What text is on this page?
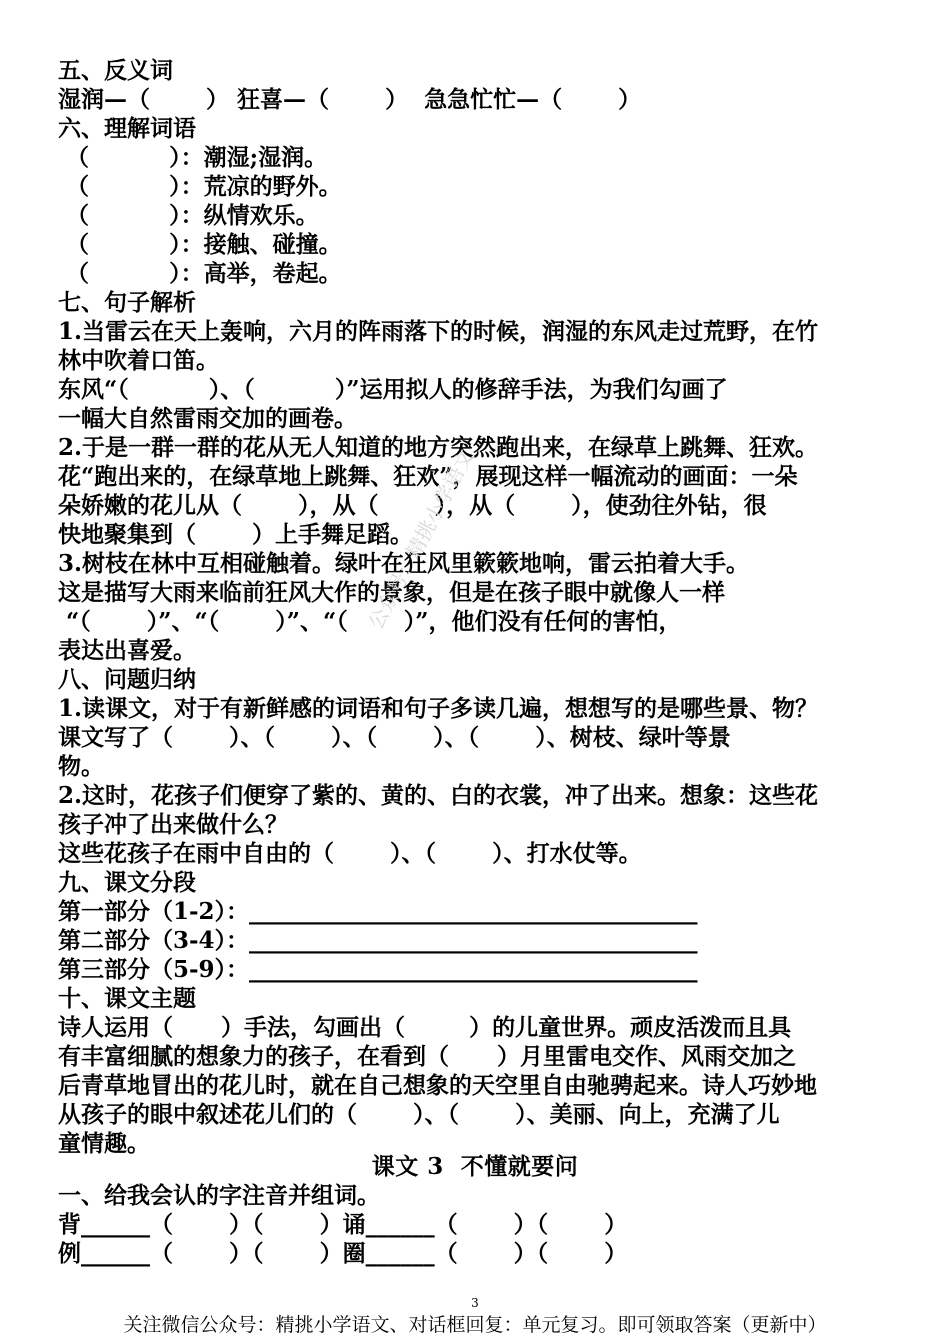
五、反义词
湿润—（       ） 狂喜—（       ）  急急忙忙—（       ）
六、理解词语
（          ）：潮湿;湿润。
（          ）：荒凉的野外。
（          ）：纵情欢乐。
（          ）：接触、碰撞。
（          ）：高举，卷起。
七、句子解析
1.当雷云在天上轰响，六月的阵雨落下的时候，润湿的东风走过荒野，在竹
林中吹着口笛。
东风“（          ）、（          ）”运用拟人的修辞手法，为我们勾画了
一幅大自然雷雨交加的画卷。
2.于是一群一群的花从无人知道的地方突然跑出来，在绿草上跳舞、狂欢。
花“跑出来的，在绿草地上跳舞、狂欢”，展现这样一幅流动的画面：一朵
朵娇嫩的花儿从（       ），从（       ），从（       ），使劲往外钻，很
快地聚集到（       ）上手舞足蹈。
3.树枝在林中互相碰触着。绿叶在狂风里簌簌地响，雷云拍着大手。
这是描写大雨来临前狂风大作的景象，但是在孩子眼中就像人一样
“（       ）”、“（       ）”、“（       ）”，他们没有任何的害怕，
表达出喜爱。
八、问题归纳
1.读课文，对于有新鲜感的词语和句子多读几遍，想想写的是哪些景、物？
课文写了（       ）、（       ）、（       ）、（       ）、树枝、绿叶等景
物。
2.这时，花孩子们便穿了紫的、黄的、白的衣裳，冲了出来。想象：这些花
孩子冲了出来做什么？
这些花孩子在雨中自由的（       ）、（       ）、打水仗等。
九、课文分段
第一部分（1-2）：_______________________________________
第二部分（3-4）：_______________________________________
第三部分（5-9）：_______________________________________
十、课文主题
诗人运用（      ）手法，勾画出（        ）的儿童世界。顽皮活泼而且具
有丰富细腻的想象力的孩子，在看到（      ）月里雷电交作、风雨交加之
后青草地冒出的花儿时，就在自己想象的天空里自由驰骋起来。诗人巧妙地
从孩子的眼中叙述花儿们的（       ）、（       ）、美丽、向上，充满了儿
童情趣。
课文 3  不懂就要问
一、给我会认的字注音并组词。
背______（       ）（       ）诵______（       ）（       ）
例______（       ）（       ）圈______（       ）（       ）
公众号：精挑小学语文
3
关注微信公众号：精挑小学语文、对话框回复：单元复习。即可领取答案（更新中）
